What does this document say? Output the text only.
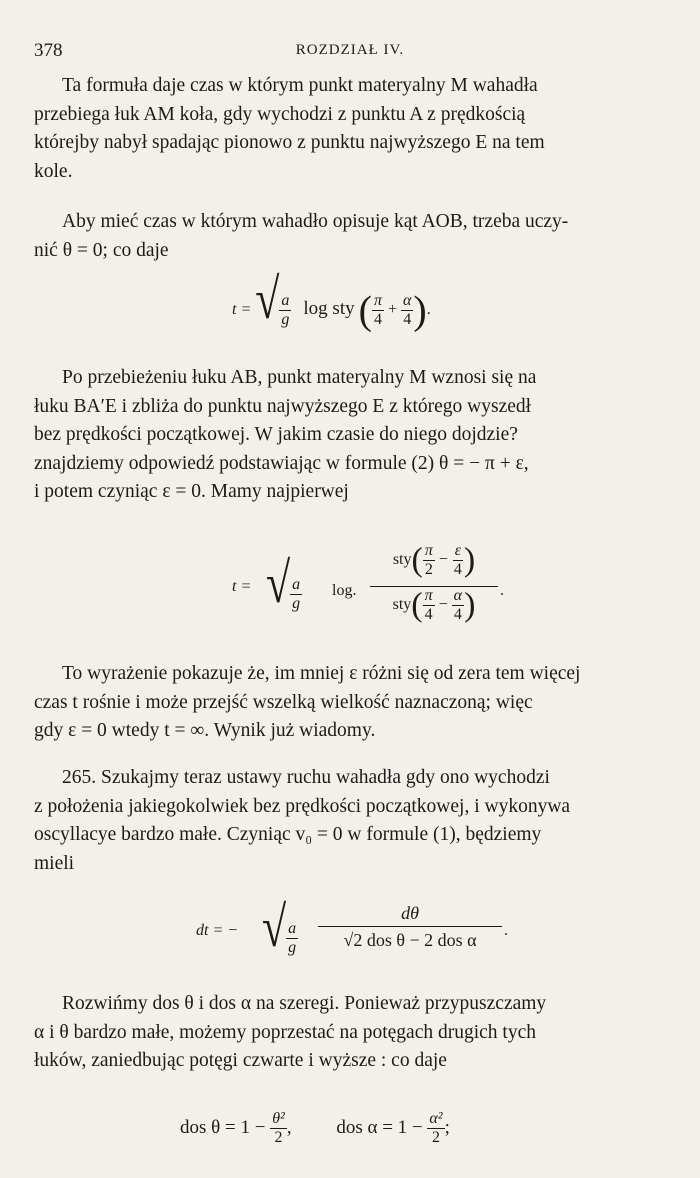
378	ROZDZIAŁ IV.

Ta formuła daje czas w którym punkt materyalny M wahadła

przebiega łuk AM koła, gdy wychodzi z punktu A z prędkością

którejby nabył spadając pionowo z punktu najwyższego E na tem

kole.

Aby mieć czas w którym wahadło opisuje kąt AOB, trzeba uczy-

nić θ = 0; co daje

t = √ $\frac{a}{g}$ log sty ( $\frac{\pi}{4} + \frac{\alpha}{4}$ ).

Po przebieżeniu łuku AB, punkt materyalny M wznosi się na

łuku BA′E i zbliża do punktu najwyższego E z którego wyszedł

bez prędkości początkowej. W jakim czasie do niego dojdzie?

znajdziemy odpowiedź podstawiając w formule (2) θ = − π + ε,

i potem czyniąc ε = 0. Mamy najpierwej

t = √ $\frac{a}{g} \log$.
$sty( \frac{\pi}{2} - \frac{\varepsilon}{4}$ )
$sty( \frac{\pi}{4} - \frac{\alpha}{4}$ )	.

To wyrażenie pokazuje że, im mniej ε różni się od zera tem więcej

czas t rośnie i może przejść wszelką wielkość naznaczoną; więc

gdy ε = 0 wtedy t = ∞. Wynik już wiadomy.

265. Szukajmy teraz ustawy ruchu wahadła gdy ono wychodzi

z położenia jakiegokolwiek bez prędkości początkowej, i wykonywa

oscyllacye bardzo małe. Czyniąc v₀ = 0 w formule (1), będziemy

mieli

dt = − √ $\frac{a}{g}$
dθ
√2 dos θ − 2 dos α	.

Rozwińmy dos θ i dos α na szeregi. Ponieważ przypuszczamy

α i θ bardzo małe, możemy poprzestać na potęgach drugich tych

łuków, zaniedbując potęgi czwarte i wyższe : co daje

dos $\theta = 1 - \frac{\text{θ²}}{2}$ , dos $\alpha = 1 - \frac{\text{α²}}{2}$ ;
